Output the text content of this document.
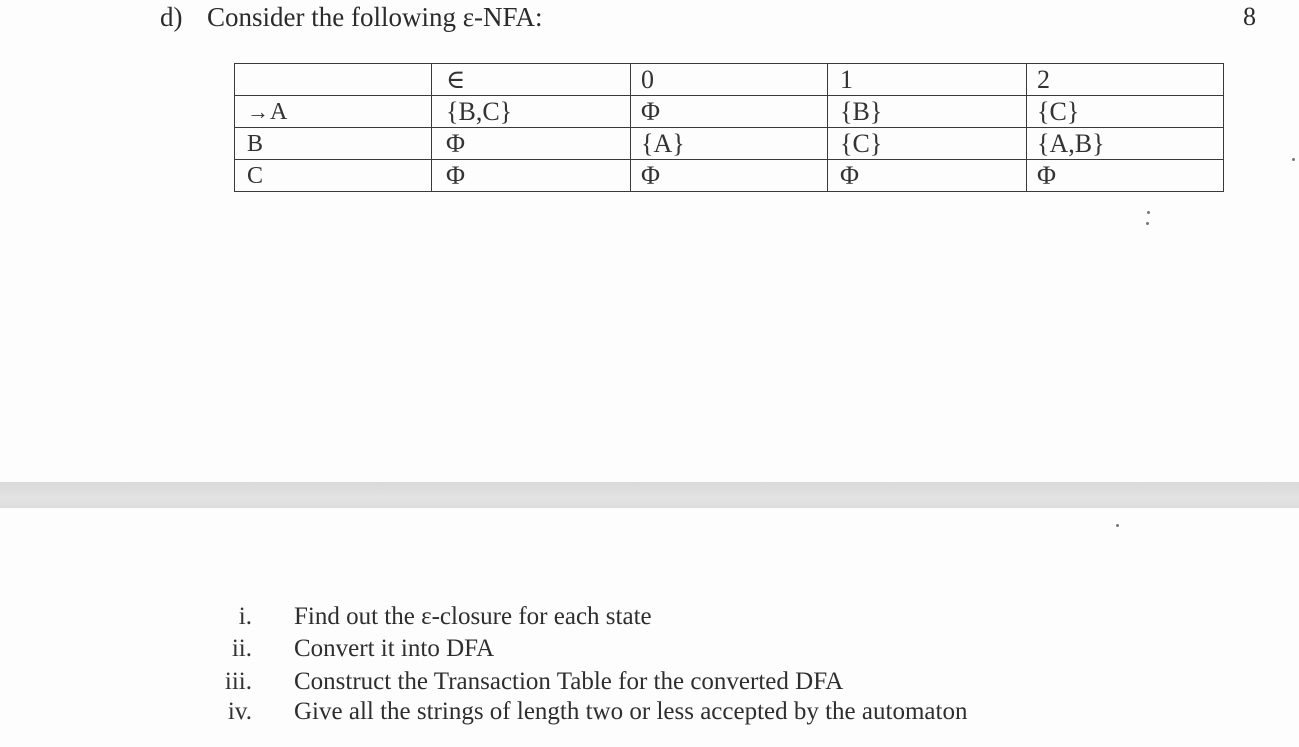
d) Consider the following ε-NFA:	8
	∈	0	1	2
→A	{B,C}	Φ	{B}	{C}
B	Φ	{A}	{C}	{A,B}
C	Φ	Φ	Φ	Φ
i. Find out the ε-closure for each state
ii. Convert it into DFA
iii. Construct the Transaction Table for the converted DFA
iv. Give all the strings of length two or less accepted by the automaton
